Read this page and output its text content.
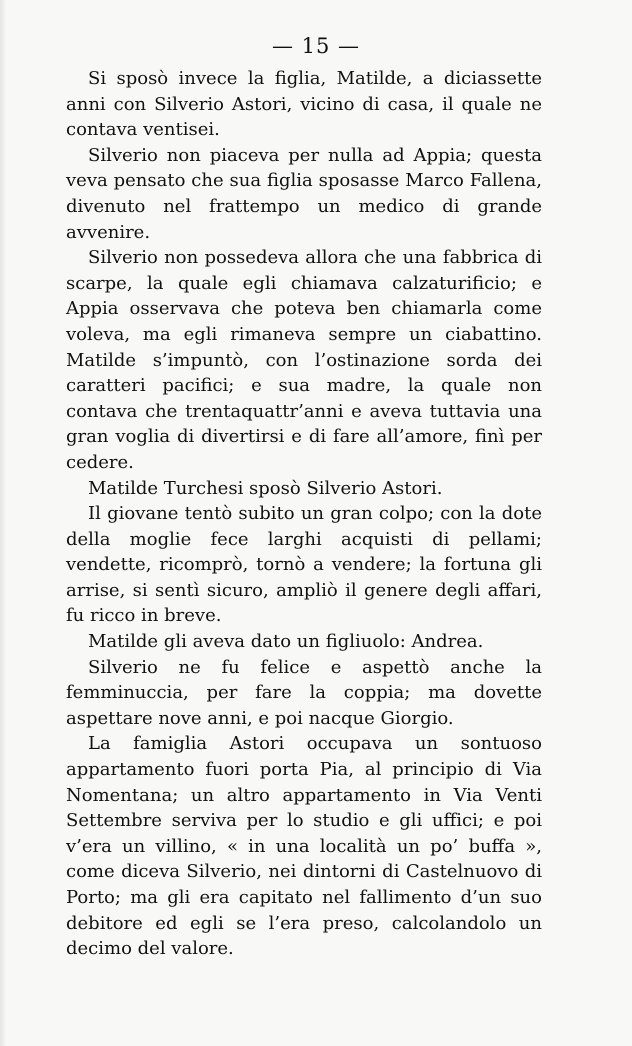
— 15 —

Si sposò invece la figlia, Matilde, a diciassette anni con Silverio Astori, vicino di casa, il quale ne contava ventisei.

Silverio non piaceva per nulla ad Appia; questa veva pensato che sua figlia sposasse Marco Fallena, divenuto nel frattempo un medico di grande avvenire.

Silverio non possedeva allora che una fabbrica di scarpe, la quale egli chiamava calzaturificio; e Appia osservava che poteva ben chiamarla come voleva, ma egli rimaneva sempre un ciabattino. Matilde s’impuntò, con l’ostinazione sorda dei caratteri pacifici; e sua madre, la quale non contava che trentaquattr’anni e aveva tuttavia una gran voglia di divertirsi e di fare all’amore, finì per cedere.

Matilde Turchesi sposò Silverio Astori.

Il giovane tentò subito un gran colpo; con la dote della moglie fece larghi acquisti di pellami; vendette, ricomprò, tornò a vendere; la fortuna gli arrise, si sentì sicuro, ampliò il genere degli affari, fu ricco in breve.

Matilde gli aveva dato un figliuolo: Andrea.

Silverio ne fu felice e aspettò anche la femminuccia, per fare la coppia; ma dovette aspettare nove anni, e poi nacque Giorgio.

La famiglia Astori occupava un sontuoso appartamento fuori porta Pia, al principio di Via Nomentana; un altro appartamento in Via Venti Settembre serviva per lo studio e gli uffici; e poi v’era un villino, « in una località un po’ buffa », come diceva Silverio, nei dintorni di Castelnuovo di Porto; ma gli era capitato nel fallimento d’un suo debitore ed egli se l’era preso, calcolandolo un decimo del valore.
